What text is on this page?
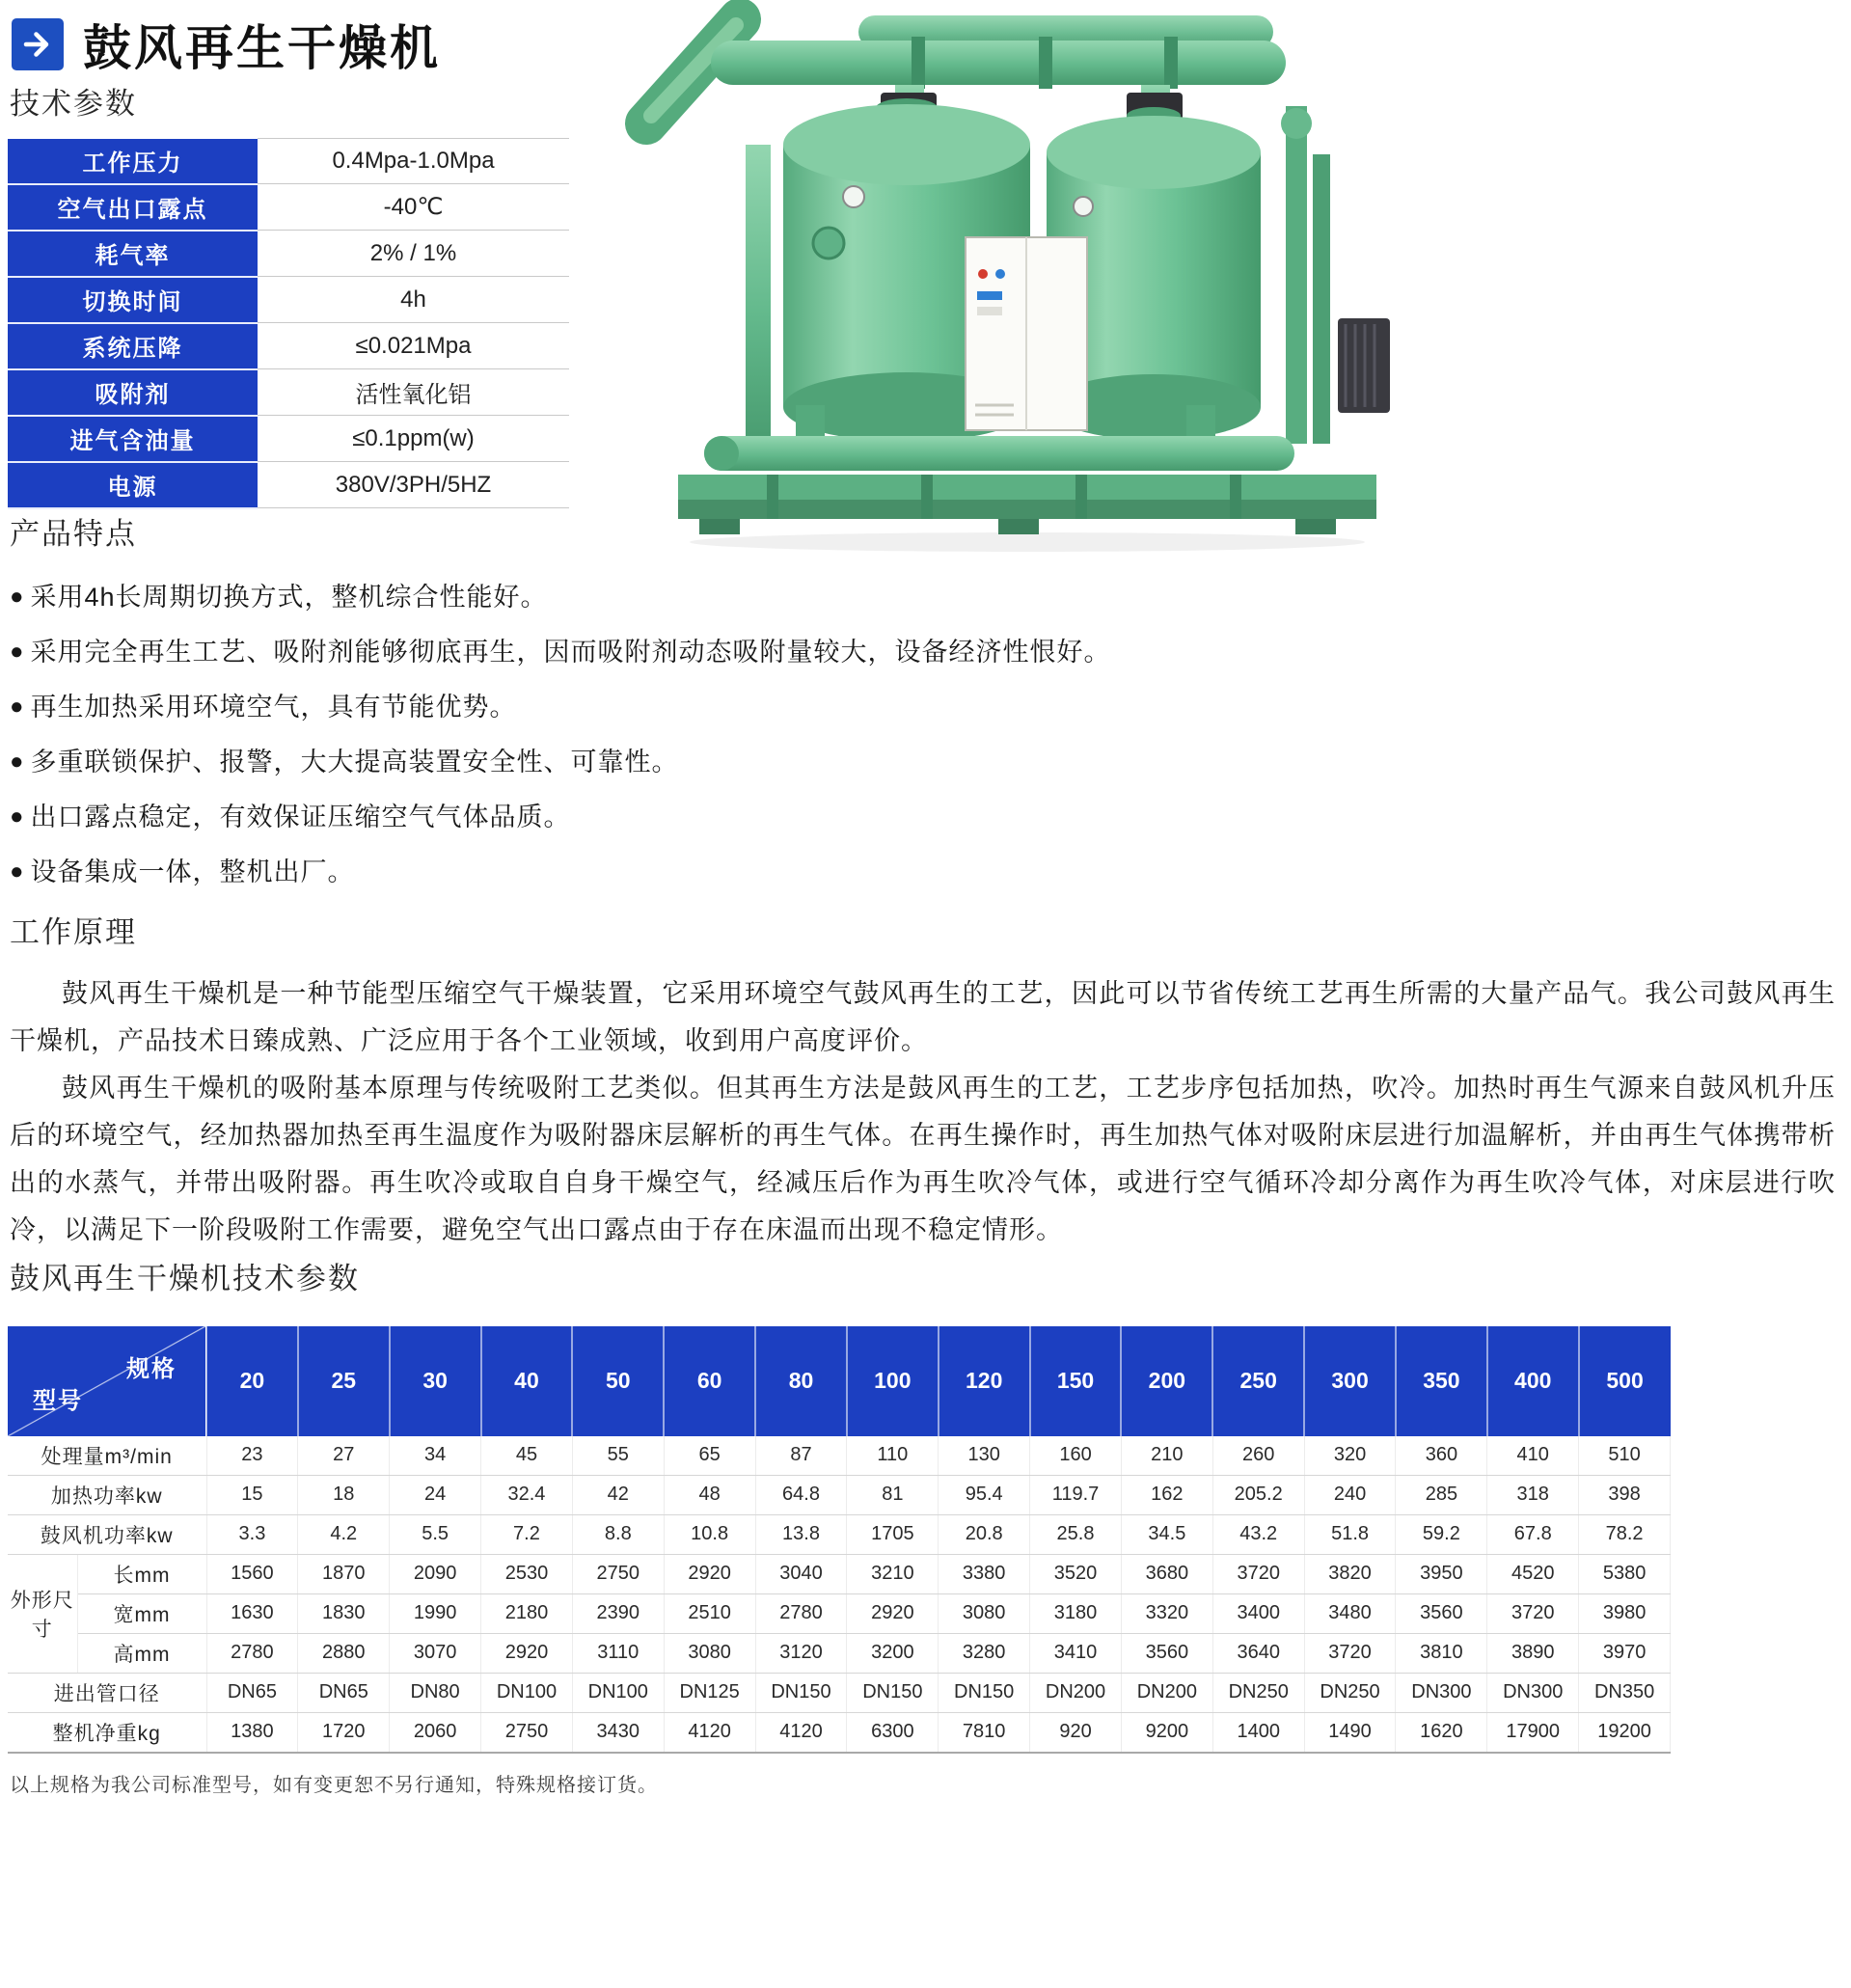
鼓风再生干燥机
技术参数
工作压力	0.4Mpa-1.0Mpa
空气出口露点	-40℃
耗气率	2% / 1%
切换时间	4h
系统压降	≤0.021Mpa
吸附剂	活性氧化铝
进气含油量	≤0.1ppm(w)
电源	380V/3PH/5HZ
产品特点
● 采用4h长周期切换方式，整机综合性能好。
● 采用完全再生工艺、吸附剂能够彻底再生，因而吸附剂动态吸附量较大，设备经济性恨好。
● 再生加热采用环境空气，具有节能优势。
● 多重联锁保护、报警，大大提高装置安全性、可靠性。
● 出口露点稳定，有效保证压缩空气气体品质。
● 设备集成一体，整机出厂。
工作原理

鼓风再生干燥机是一种节能型压缩空气干燥装置，它采用环境空气鼓风再生的工艺，因此可以节省传统工艺再生所需的大量产品气。我公司鼓风再生干燥机，产品技术日臻成熟、广泛应用于各个工业领域，收到用户高度评价。

鼓风再生干燥机的吸附基本原理与传统吸附工艺类似。但其再生方法是鼓风再生的工艺，工艺步序包括加热，吹冷。加热时再生气源来自鼓风机升压后的环境空气，经加热器加热至再生温度作为吸附器床层解析的再生气体。在再生操作时，再生加热气体对吸附床层进行加温解析，并由再生气体携带析出的水蒸气，并带出吸附器。再生吹冷或取自自身干燥空气，经减压后作为再生吹冷气体，或进行空气循环冷却分离作为再生吹冷气体，对床层进行吹冷，以满足下一阶段吸附工作需要，避免空气出口露点由于存在床温而出现不稳定情形。

鼓风再生干燥机技术参数
规格
型号		20	25	30	40	50	60	80	100	120	150	200	250	300	350	400	500
处理量m³/min		23	27	34	45	55	65	87	110	130	160	210	260	320	360	410	510
加热功率kw		15	18	24	32.4	42	48	64.8	81	95.4	119.7	162	205.2	240	285	318	398
鼓风机功率kw		3.3	4.2	5.5	7.2	8.8	10.8	13.8	1705	20.8	25.8	34.5	43.2	51.8	59.2	67.8	78.2
外形尺寸	长mm	1560	1870	2090	2530	2750	2920	3040	3210	3380	3520	3680	3720	3820	3950	4520	5380
	宽mm	1630	1830	1990	2180	2390	2510	2780	2920	3080	3180	3320	3400	3480	3560	3720	3980
	高mm	2780	2880	3070	2920	3110	3080	3120	3200	3280	3410	3560	3640	3720	3810	3890	3970
进出管口径		DN65	DN65	DN80	DN100	DN100	DN125	DN150	DN150	DN150	DN200	DN200	DN250	DN250	DN300	DN300	DN350
整机净重kg		1380	1720	2060	2750	3430	4120	4120	6300	7810	920	9200	1400	1490	1620	17900	19200

以上规格为我公司标准型号，如有变更恕不另行通知，特殊规格接订货。
